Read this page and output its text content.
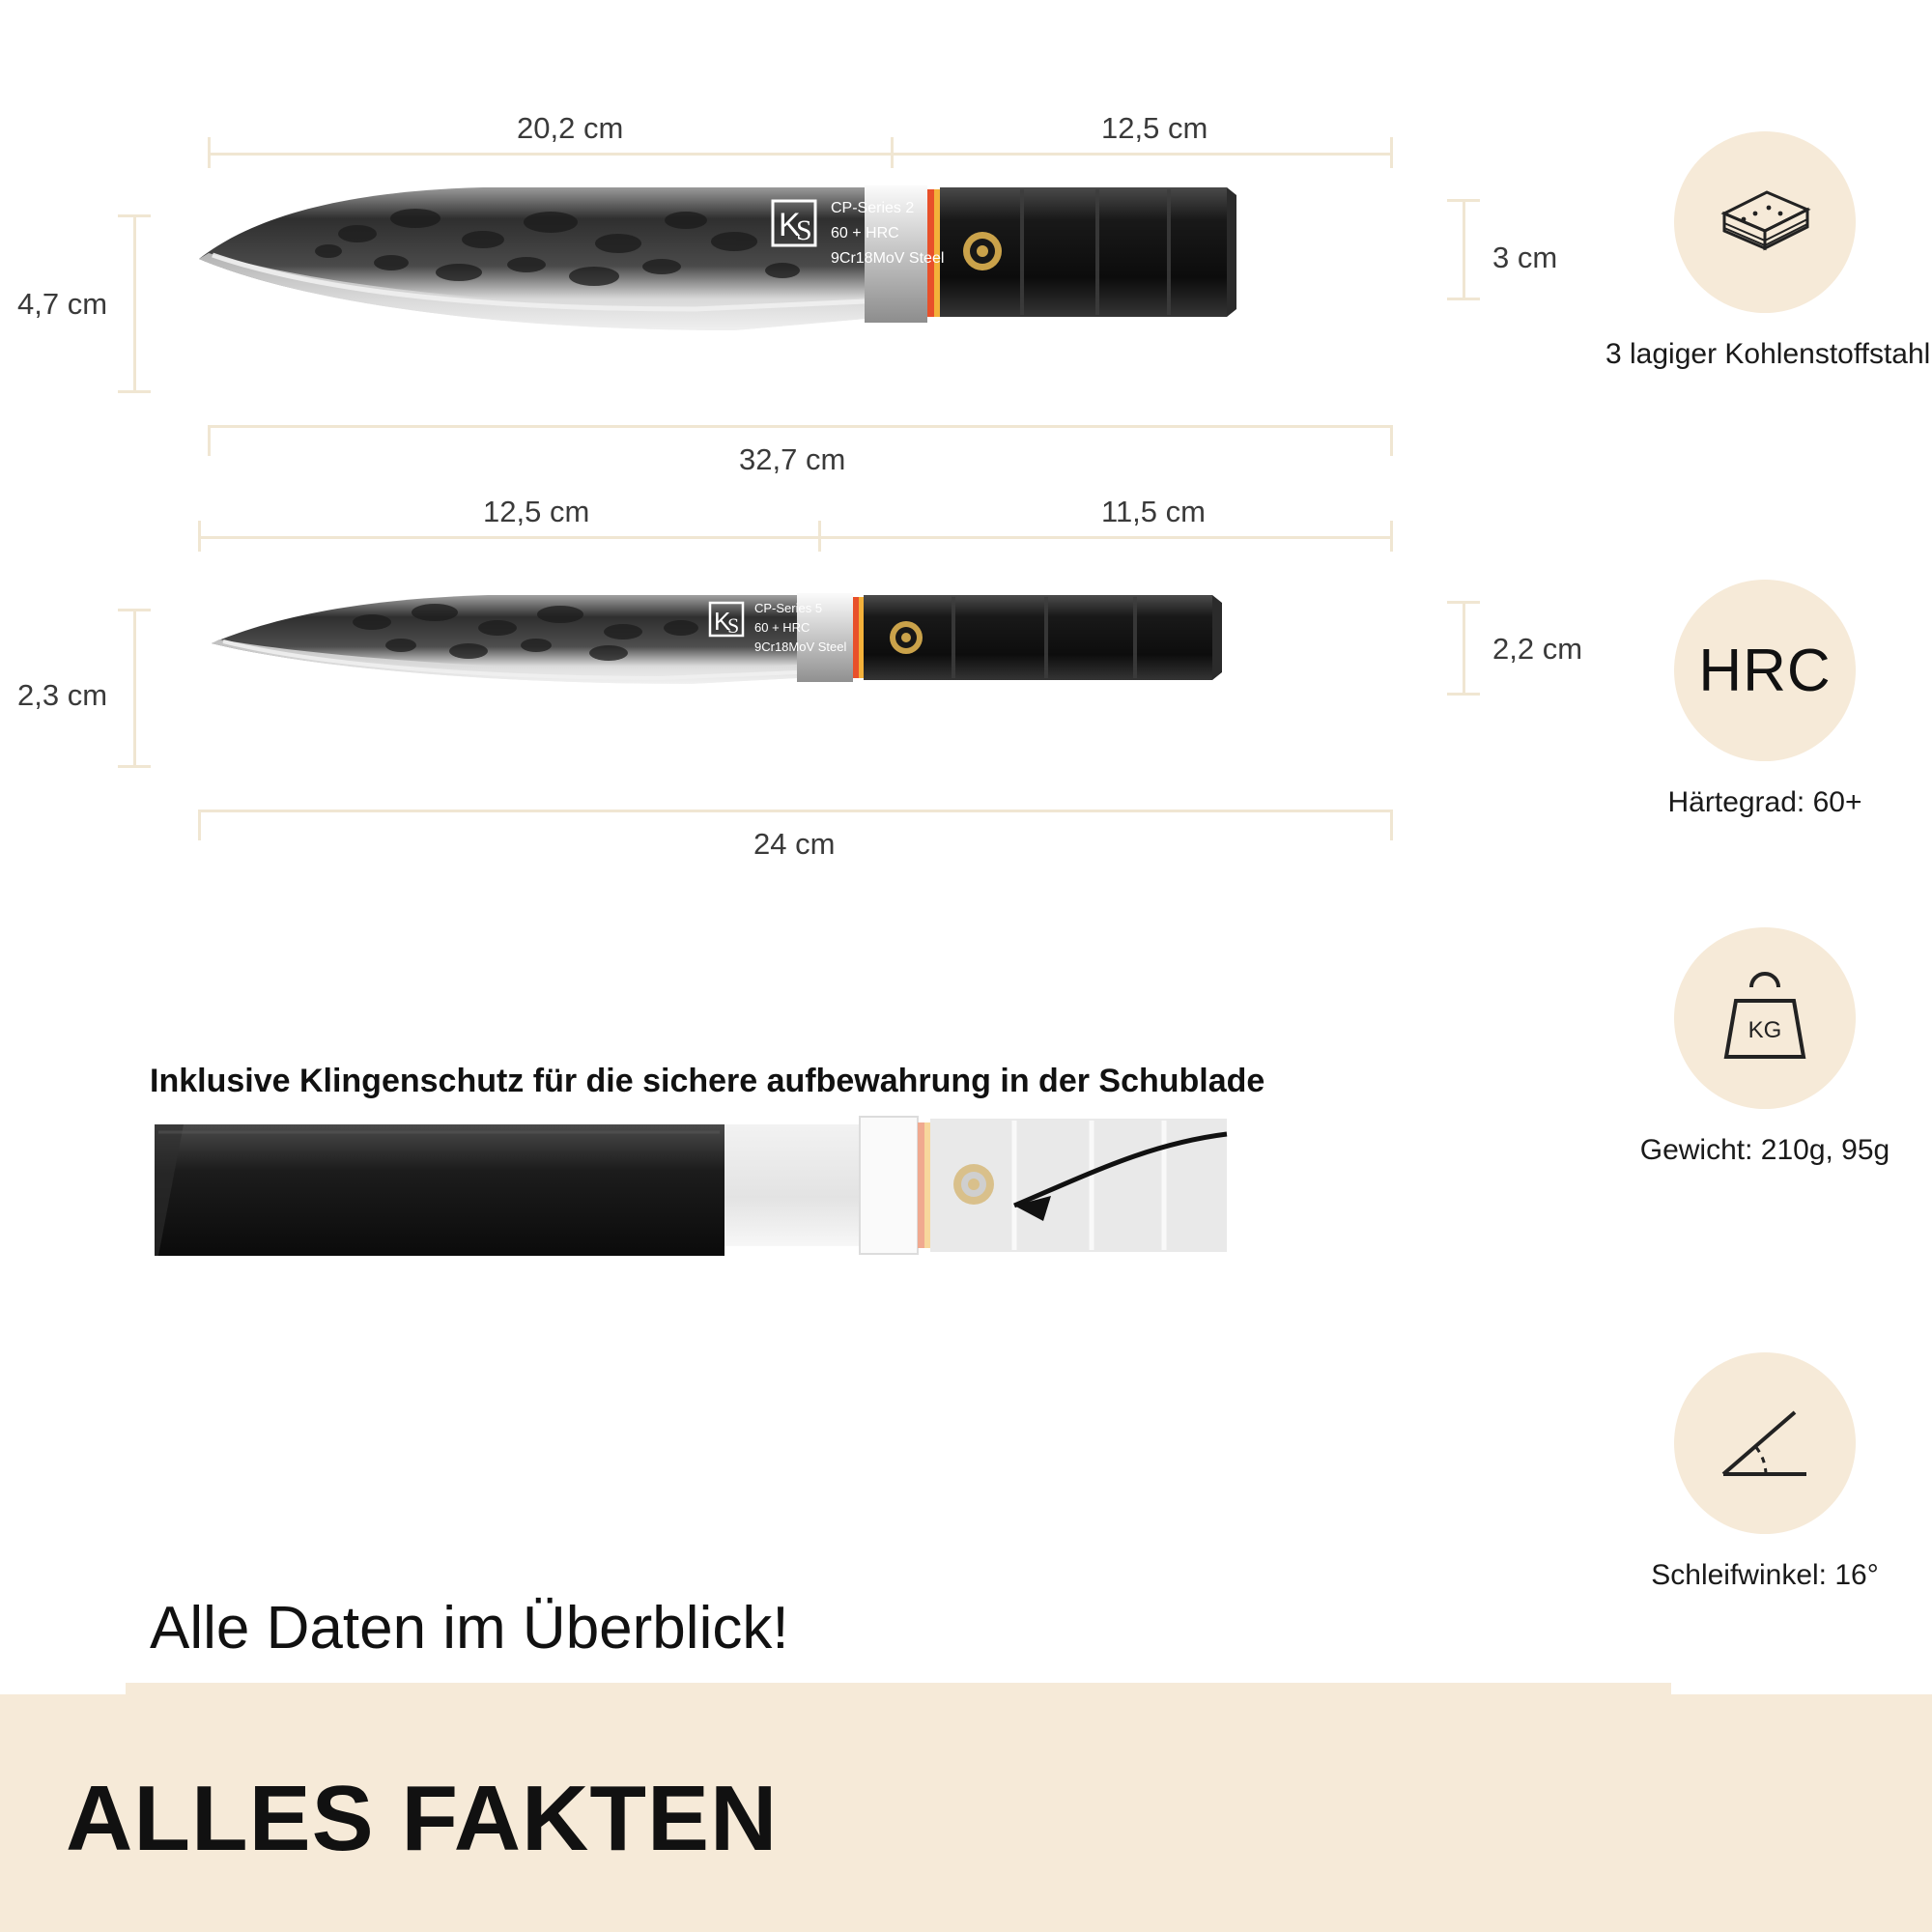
20,2 cm	12,5 cm
4,7 cm
3 cm
32,7 cm
K
S
CP-Series 2
60 + HRC
9Cr18MoV Steel
12,5 cm	11,5 cm
2,3 cm
2,2 cm
24 cm
K
S
CP-Series 5
60 + HRC
9Cr18MoV Steel
Inklusive Klingenschutz für die sichere aufbewahrung in der Schublade
3 lagiger Kohlenstoffstahl
HRC
Härtegrad: 60+
KG
Gewicht: 210g, 95g
Schleifwinkel: 16°
Alle Daten im Überblick!
ALLES FAKTEN
